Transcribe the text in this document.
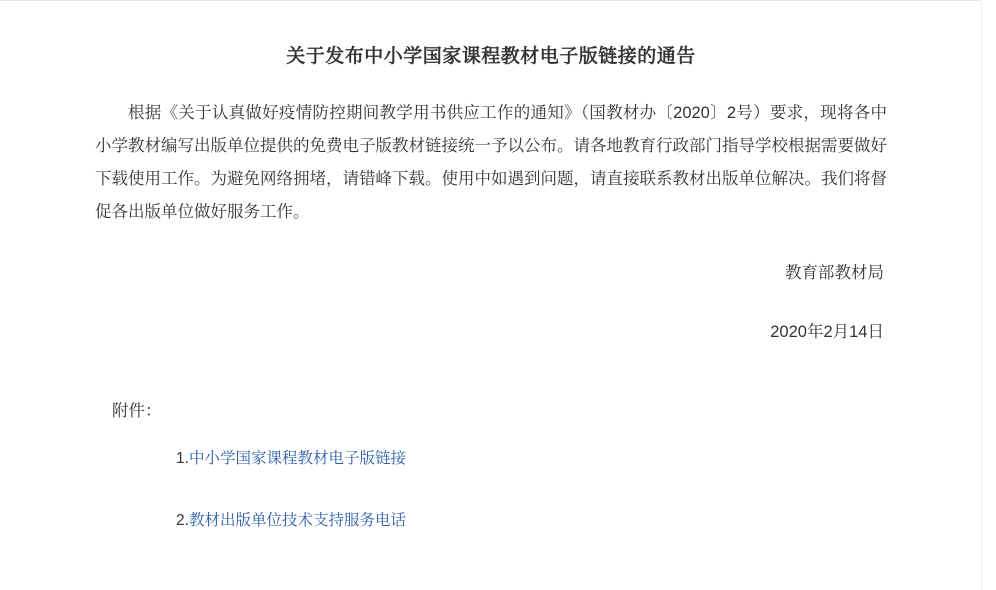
关于发布中小学国家课程教材电子版链接的通告

根据《关于认真做好疫情防控期间教学用书供应工作的通知》（国教材办〔2020〕2号）要求，现将各中小学教材编写出版单位提供的免费电子版教材链接统一予以公布。请各地教育行政部门指导学校根据需要做好下载使用工作。为避免网络拥堵，请错峰下载。使用中如遇到问题，请直接联系教材出版单位解决。我们将督促各出版单位做好服务工作。

教育部教材局
2020年2月14日
附件：
1.中小学国家课程教材电子版链接
2.教材出版单位技术支持服务电话
